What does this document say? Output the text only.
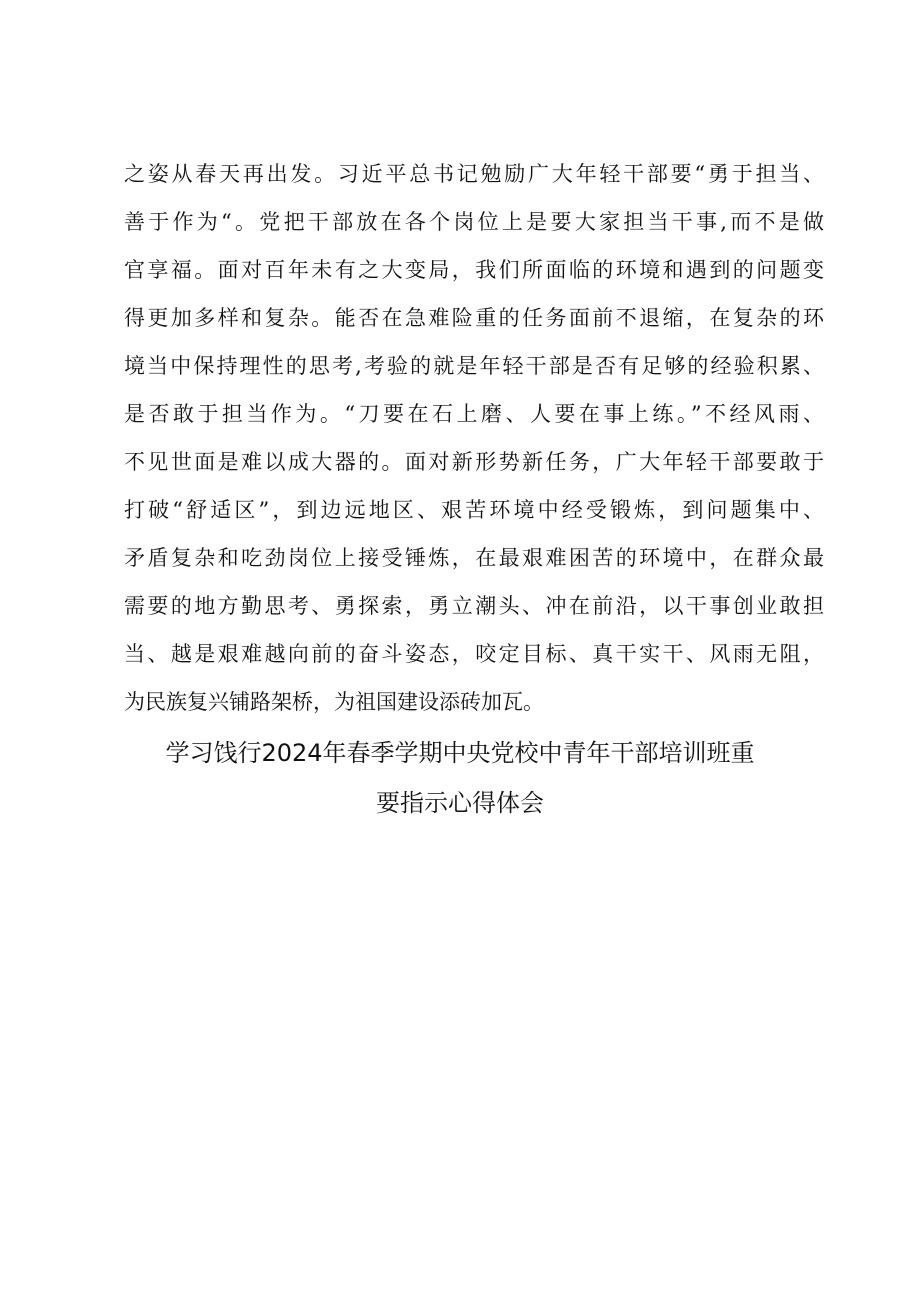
之姿从春天再出发。习近平总书记勉励广大年轻干部要“勇于担当、
善于作为“。党把干部放在各个岗位上是要大家担当干事,而不是做
官享福。面对百年未有之大变局，我们所面临的环境和遇到的问题变
得更加多样和复杂。能否在急难险重的任务面前不退缩，在复杂的环
境当中保持理性的思考,考验的就是年轻干部是否有足够的经验积累、
是否敢于担当作为。“刀要在石上磨、人要在事上练。”不经风雨、
不见世面是难以成大器的。面对新形势新任务，广大年轻干部要敢于
打破“舒适区”，到边远地区、艰苦环境中经受锻炼，到问题集中、
矛盾复杂和吃劲岗位上接受锤炼，在最艰难困苦的环境中，在群众最
需要的地方勤思考、勇探索，勇立潮头、冲在前沿，以干事创业敢担
当、越是艰难越向前的奋斗姿态，咬定目标、真干实干、风雨无阻，
为民族复兴铺路架桥，为祖国建设添砖加瓦。
学习饯行2024年春季学期中央党校中青年干部培训班重
要指示心得体会
